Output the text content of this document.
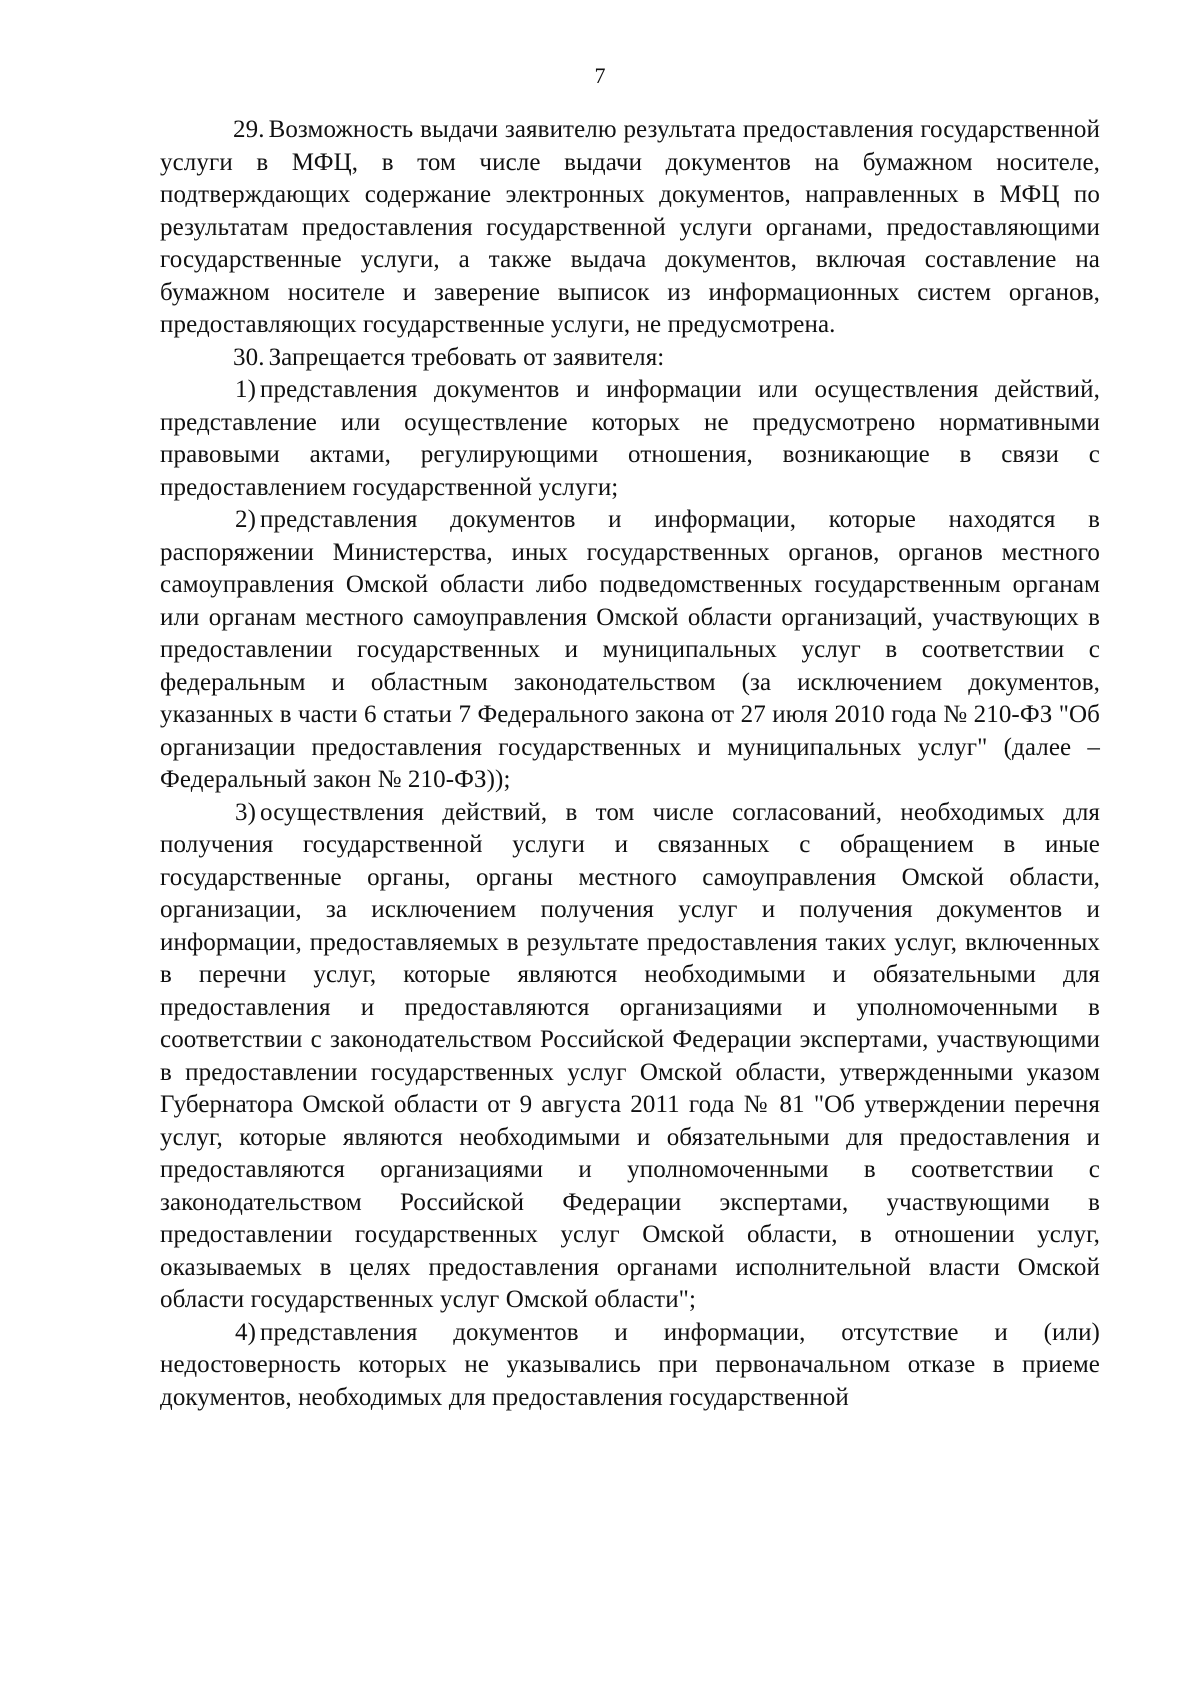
7

29. Возможность выдачи заявителю результата предоставления государственной услуги в МФЦ, в том числе выдачи документов на бумажном носителе, подтверждающих содержание электронных документов, направленных в МФЦ по результатам предоставления государственной услуги органами, предоставляющими государственные услуги, а также выдача документов, включая составление на бумажном носителе и заверение выписок из информационных систем органов, предоставляющих государственные услуги, не предусмотрена.

30. Запрещается требовать от заявителя:

1) представления документов и информации или осуществления действий, представление или осуществление которых не предусмотрено нормативными правовыми актами, регулирующими отношения, возникающие в связи с предоставлением государственной услуги;

2) представления документов и информации, которые находятся в распоряжении Министерства, иных государственных органов, органов местного самоуправления Омской области либо подведомственных государственным органам или органам местного самоуправления Омской области организаций, участвующих в предоставлении государственных и муниципальных услуг в соответствии с федеральным и областным законодательством (за исключением документов, указанных в части 6 статьи 7 Федерального закона от 27 июля 2010 года № 210-ФЗ "Об организации предоставления государственных и муниципальных услуг" (далее – Федеральный закон № 210-ФЗ));

3) осуществления действий, в том числе согласований, необходимых для получения государственной услуги и связанных с обращением в иные государственные органы, органы местного самоуправления Омской области, организации, за исключением получения услуг и получения документов и информации, предоставляемых в результате предоставления таких услуг, включенных в перечни услуг, которые являются необходимыми и обязательными для предоставления и предоставляются организациями и уполномоченными в соответствии с законодательством Российской Федерации экспертами, участвующими в предоставлении государственных услуг Омской области, утвержденными указом Губернатора Омской области от 9 августа 2011 года № 81 "Об утверждении перечня услуг, которые являются необходимыми и обязательными для предоставления и предоставляются организациями и уполномоченными в соответствии с законодательством Российской Федерации экспертами, участвующими в предоставлении государственных услуг Омской области, в отношении услуг, оказываемых в целях предоставления органами исполнительной власти Омской области государственных услуг Омской области";

4) представления документов и информации, отсутствие и (или) недостоверность которых не указывались при первоначальном отказе в приеме документов, необходимых для предоставления государственной
